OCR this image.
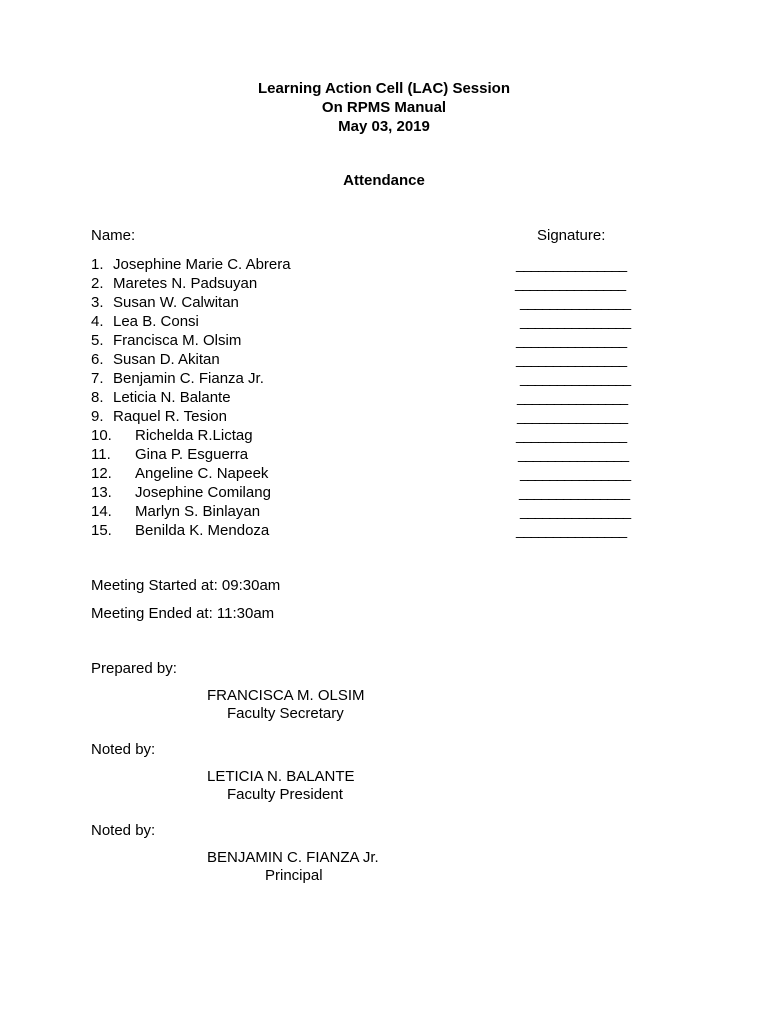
Learning Action Cell (LAC) Session
On RPMS Manual
May 03, 2019
Attendance
Name:	Signature:
1. Josephine Marie C. Abrera	_______________
2. Maretes N. Padsuyan	_______________
3. Susan W. Calwitan	_______________
4. Lea B. Consi	_______________
5. Francisca M. Olsim	_______________
6. Susan D. Akitan	_______________
7. Benjamin C. Fianza Jr.	_______________
8. Leticia N. Balante	_______________
9. Raquel R. Tesion	_______________
10. Richelda R.Lictag	_______________
11. Gina P. Esguerra	_______________
12. Angeline C. Napeek	_______________
13. Josephine Comilang	_______________
14. Marlyn S. Binlayan	_______________
15. Benilda K. Mendoza	_______________
Meeting Started at: 09:30am
Meeting Ended at: 11:30am
Prepared by:
FRANCISCA M. OLSIM
Faculty Secretary
Noted by:
LETICIA N. BALANTE
Faculty President
Noted by:
BENJAMIN C. FIANZA Jr.
Principal
